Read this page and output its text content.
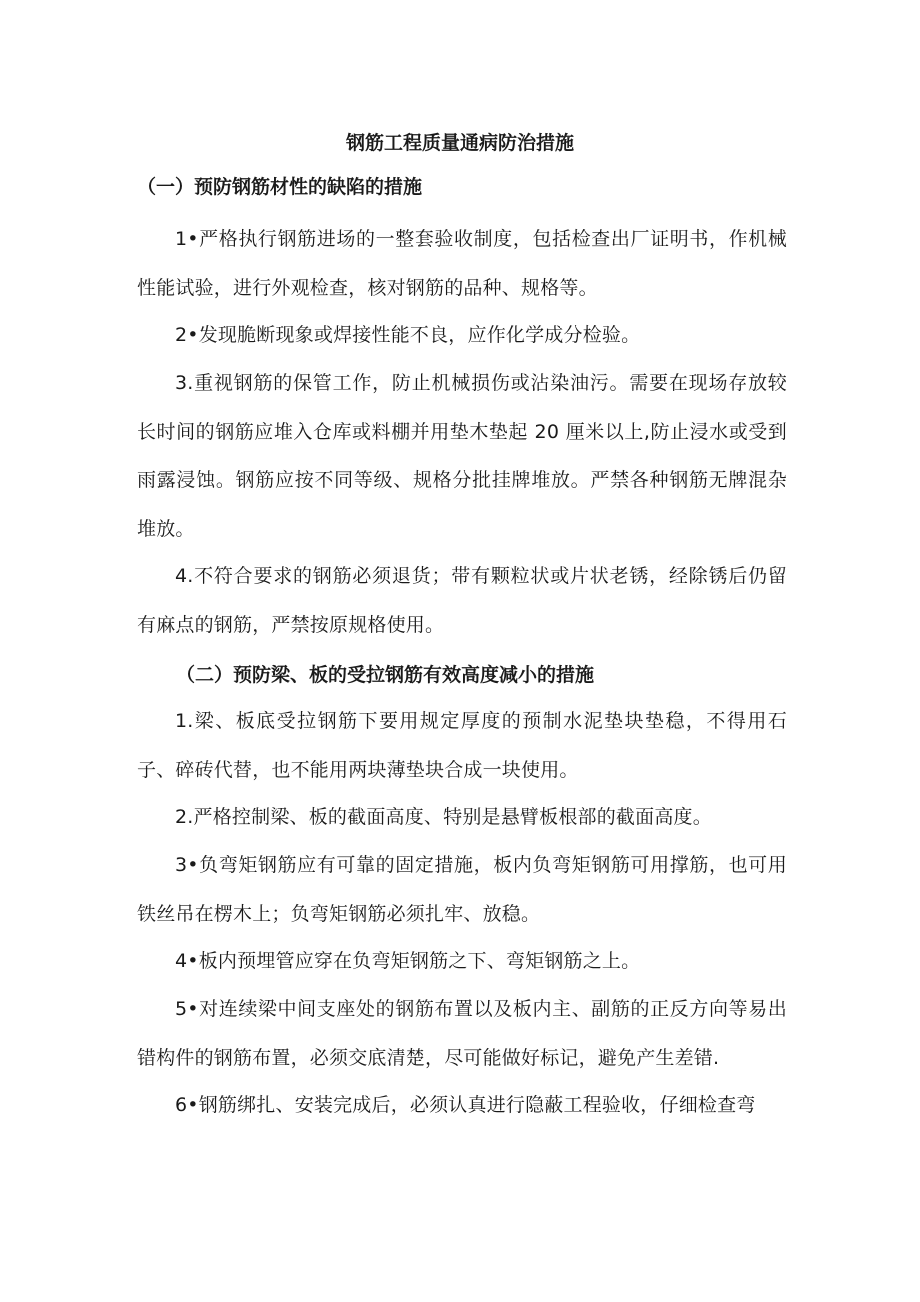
钢筋工程质量通病防治措施
（一）预防钢筋材性的缺陷的措施
1•严格执行钢筋进场的一整套验收制度，包括检查出厂证明书，作机械性能试验，进行外观检查，核对钢筋的品种、规格等。
2•发现脆断现象或焊接性能不良，应作化学成分检验。
3.重视钢筋的保管工作，防止机械损伤或沾染油污。需要在现场存放较长时间的钢筋应堆入仓库或料棚并用垫木垫起 20 厘米以上,防止浸水或受到雨露浸蚀。钢筋应按不同等级、规格分批挂牌堆放。严禁各种钢筋无牌混杂堆放。
4.不符合要求的钢筋必须退货；带有颗粒状或片状老锈，经除锈后仍留有麻点的钢筋，严禁按原规格使用。
（二）预防梁、板的受拉钢筋有效高度减小的措施
1.梁、板底受拉钢筋下要用规定厚度的预制水泥垫块垫稳，不得用石子、碎砖代替，也不能用两块薄垫块合成一块使用。
2.严格控制梁、板的截面高度、特别是悬臂板根部的截面高度。
3•负弯矩钢筋应有可靠的固定措施，板内负弯矩钢筋可用撑筋，也可用铁丝吊在楞木上；负弯矩钢筋必须扎牢、放稳。
4•板内预埋管应穿在负弯矩钢筋之下、弯矩钢筋之上。
5•对连续梁中间支座处的钢筋布置以及板内主、副筋的正反方向等易出错构件的钢筋布置，必须交底清楚，尽可能做好标记，避免产生差错.
6•钢筋绑扎、安装完成后，必须认真进行隐蔽工程验收，仔细检查弯
